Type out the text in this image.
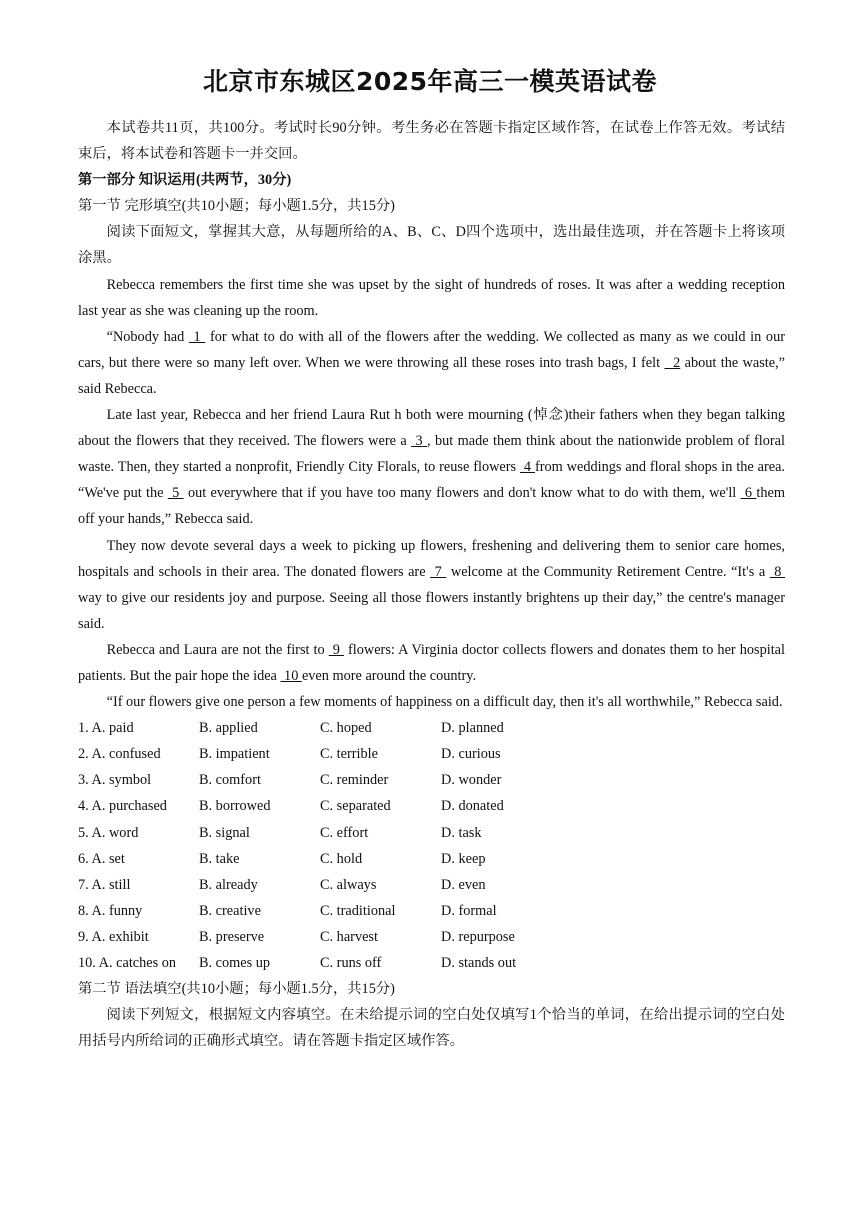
北京市东城区2025年高三一模英语试卷

本试卷共11页，共100分。考试时长90分钟。考生务必在答题卡指定区域作答，在试卷上作答无效。考试结束后，将本试卷和答题卡一并交回。

第一部分 知识运用(共两节，30分)

第一节 完形填空(共10小题；每小题1.5分，共15分)

阅读下面短文，掌握其大意，从每题所给的A、B、C、D四个选项中，选出最佳选项，并在答题卡上将该项涂黑。

Rebecca remembers the first time she was upset by the sight of hundreds of roses. It was after a wedding reception last year as she was cleaning up the room.

“Nobody had  1  for what to do with all of the flowers after the wedding. We collected as many as we could in our cars, but there were so many left over. When we were throwing all these roses into trash bags, I felt   2 about the waste,” said Rebecca.

Late last year, Rebecca and her friend Laura Rut h both were mourning (悼念)their fathers when they began talking about the flowers that they received. The flowers were a  3 , but made them think about the nationwide problem of floral waste. Then, they started a nonprofit, Friendly City Florals, to reuse flowers  4 from weddings and floral shops in the area. “We've put the  5  out everywhere that if you have too many flowers and don't know what to do with them, we'll  6 them off your hands,” Rebecca said.

They now devote several days a week to picking up flowers, freshening and delivering them to senior care homes, hospitals and schools in their area. The donated flowers are  7  welcome at the Community Retirement Centre. “It's a  8  way to give our residents joy and purpose. Seeing all those flowers instantly brightens up their day,” the centre's manager said.

Rebecca and Laura are not the first to  9  flowers: A Virginia doctor collects flowers and donates them to her hospital patients. But the pair hope the idea  10 even more around the country.

“If our flowers give one person a few moments of happiness on a difficult day, then it's all worthwhile,” Rebecca said.

1. A. paid	B. applied	C. hoped	D. planned
2. A. confused	B. impatient	C. terrible	D. curious
3. A. symbol	B. comfort	C. reminder	D. wonder
4. A. purchased	B. borrowed	C. separated	D. donated
5. A. word	B. signal	C. effort	D. task
6. A. set	B. take	C. hold	D. keep
7. A. still	B. already	C. always	D. even
8. A. funny	B. creative	C. traditional	D. formal
9. A. exhibit	B. preserve	C. harvest	D. repurpose
10. A. catches on	B. comes up	C. runs off	D. stands out

第二节 语法填空(共10小题；每小题1.5分，共15分)

阅读下列短文，根据短文内容填空。在未给提示词的空白处仅填写1个恰当的单词，在给出提示词的空白处用括号内所给词的正确形式填空。请在答题卡指定区域作答。
